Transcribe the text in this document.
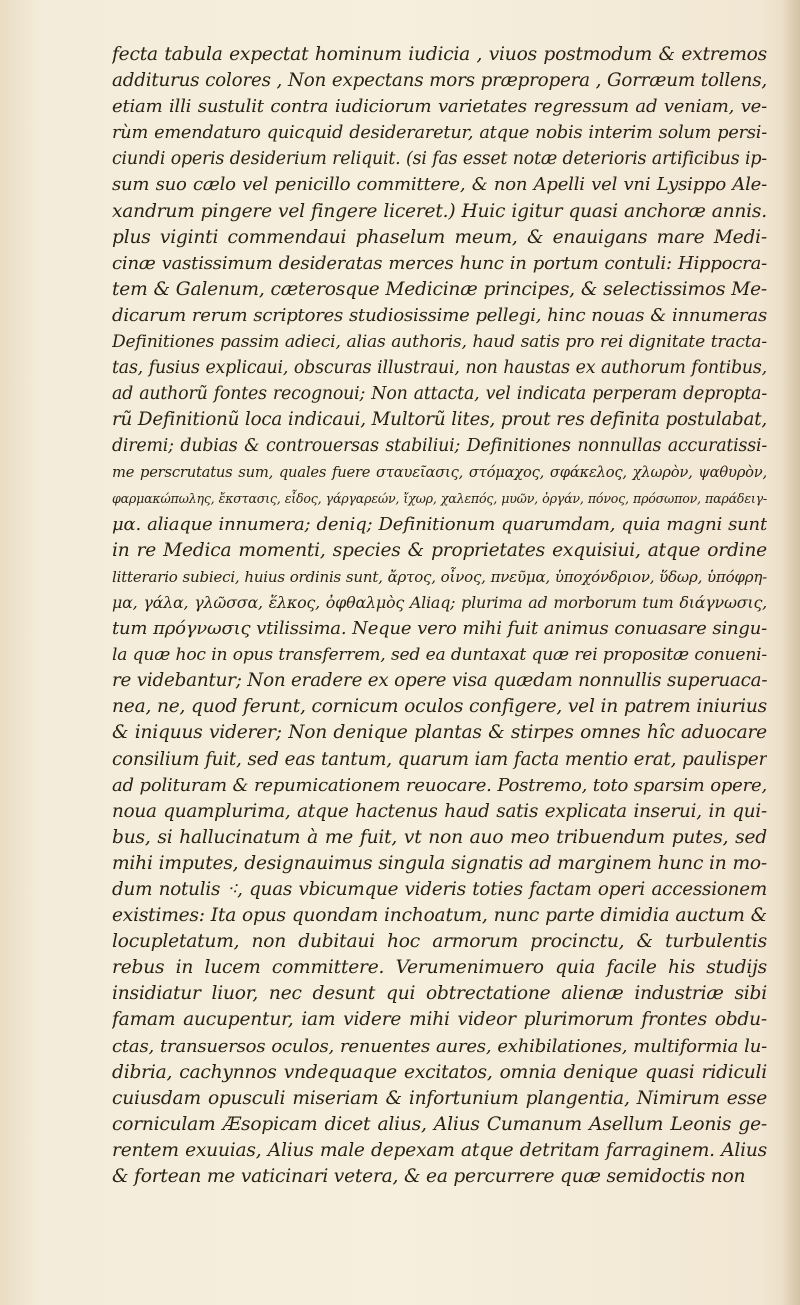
fecta tabula expectat hominum iudicia , viuos postmodum & extremos
additurus colores , Non expectans mors præpropera , Gorræum tollens,
etiam illi sustulit contra iudiciorum varietates regressum ad veniam, ve-
rùm emendaturo quicquid desideraretur, atque nobis interim solum persi-
ciundi operis desiderium reliquit. (si fas esset notæ deterioris artificibus ip-
sum suo cælo vel penicillo committere, & non Apelli vel vni Lysippo Ale-
xandrum pingere vel fingere liceret.) Huic igitur quasi anchoræ annis.
plus viginti commendaui phaselum meum, & enauigans mare Medi-
cinæ vastissimum desideratas merces hunc in portum contuli: Hippocra-
tem & Galenum, cæterosque Medicinæ principes, & selectissimos Me-
dicarum rerum scriptores studiosissime pellegi, hinc nouas & innumeras
Definitiones passim adieci, alias authoris, haud satis pro rei dignitate tracta-
tas, fusius explicaui, obscuras illustraui, non haustas ex authorum fontibus,
ad authorũ fontes recognoui; Non attacta, vel indicata perperam depropta-
rũ Definitionũ loca indicaui, Multorũ lites, prout res definita postulabat,
diremi; dubias & controuersas stabiliui; Definitiones nonnullas accuratissi-
me perscrutatus sum, quales fuere σταυεῖασις, στόμαχος, σφάκελος, χλωρὸν, ψαθυρὸν,
φαρμακώπωλης, ἔκστασις, εἶδος, γάργαρεών, ἴχωρ, χαλεπός, μυῶν, ὀργάν, πόνος, πρόσωπον, παράδειγ-
μα. aliaque innumera; deniq; Definitionum quarumdam, quia magni sunt
in re Medica momenti, species & proprietates exquisiui, atque ordine
litterario subieci, huius ordinis sunt, ἄρτος, οἶνος, πνεῦμα, ὑποχόνδριον, ὕδωρ, ὑπόφρη-
μα, γάλα, γλῶσσα, ἕλκος, ὀφθαλμὸς Aliaq; plurima ad morborum tum διάγνωσις,
tum πρόγνωσις vtilissima. Neque vero mihi fuit animus conuasare singu-
la quæ hoc in opus transferrem, sed ea duntaxat quæ rei propositæ conueni-
re videbantur; Non eradere ex opere visa quædam nonnullis superuaca-
nea, ne, quod ferunt, cornicum oculos configere, vel in patrem iniurius
& iniquus viderer; Non denique plantas & stirpes omnes hîc aduocare
consilium fuit, sed eas tantum, quarum iam facta mentio erat, paulisper
ad polituram & repumicationem reuocare. Postremo, toto sparsim opere,
noua quamplurima, atque hactenus haud satis explicata inserui, in qui-
bus, si hallucinatum à me fuit, vt non auo meo tribuendum putes, sed
mihi imputes, designauimus singula signatis ad marginem hunc in mo-
dum notulis ⁖, quas vbicumque videris toties factam operi accessionem
existimes: Ita opus quondam inchoatum, nunc parte dimidia auctum &
locupletatum, non dubitaui hoc armorum procinctu, & turbulentis
rebus in lucem committere. Verumenimuero quia facile his studijs
insidiatur liuor, nec desunt qui obtrectatione alienæ industriæ sibi
famam aucupentur, iam videre mihi videor plurimorum frontes obdu-
ctas, transuersos oculos, renuentes aures, exhibilationes, multiformia lu-
dibria, cachynnos vndequaque excitatos, omnia denique quasi ridiculi
cuiusdam opusculi miseriam & infortunium plangentia, Nimirum esse
corniculam Æsopicam dicet alius, Alius Cumanum Asellum Leonis ge-
rentem exuuias, Alius male depexam atque detritam farraginem. Alius
& fortean me vaticinari vetera, & ea percurrere quæ semidoctis non
